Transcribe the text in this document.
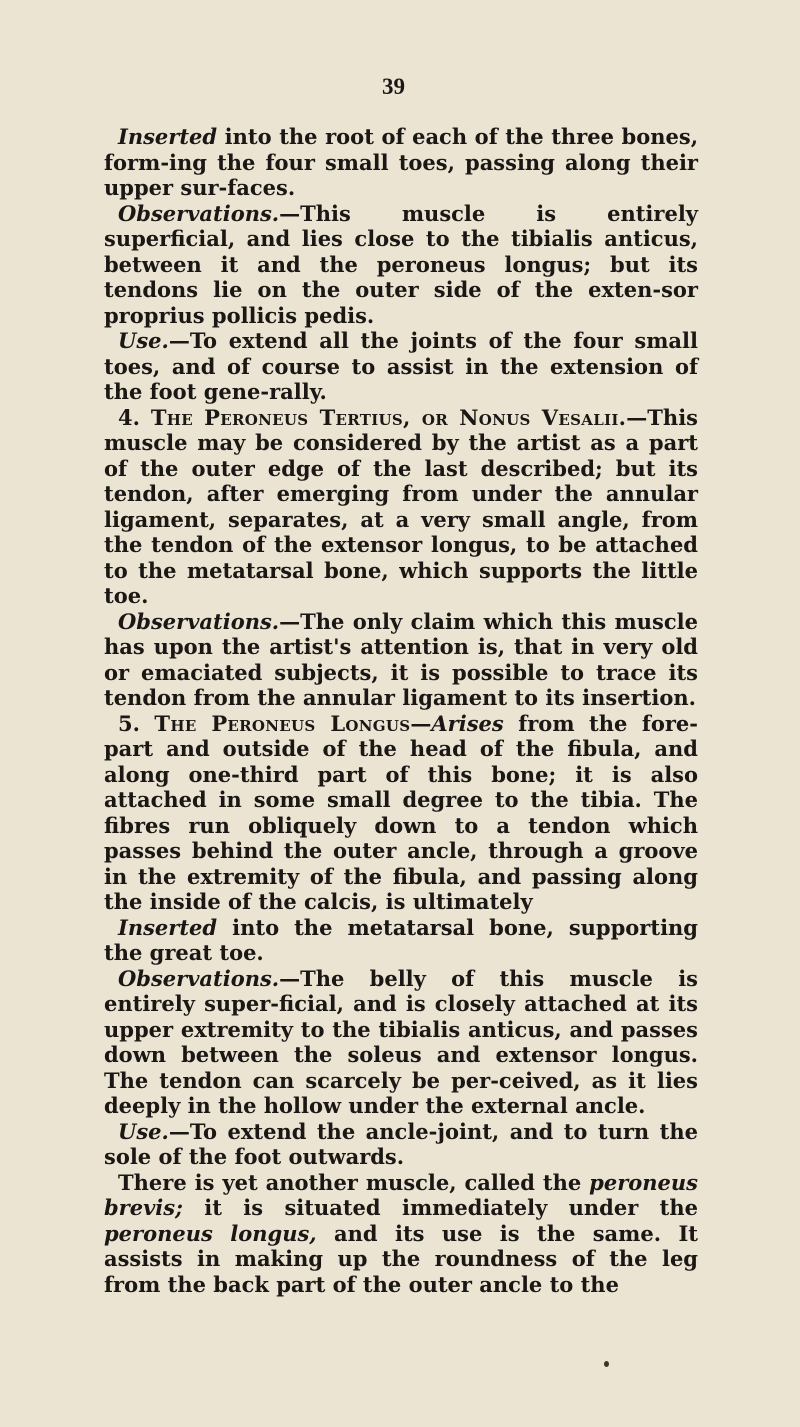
39

Inserted into the root of each of the three bones, form-ing the four small toes, passing along their upper sur-faces.

Observations.—This muscle is entirely superficial, and lies close to the tibialis anticus, between it and the peroneus longus; but its tendons lie on the outer side of the exten-sor proprius pollicis pedis.

Use.—To extend all the joints of the four small toes, and of course to assist in the extension of the foot gene-rally.

4. The Peroneus Tertius, or Nonus Vesalii.—This muscle may be considered by the artist as a part of the outer edge of the last described; but its tendon, after emerging from under the annular ligament, separates, at a very small angle, from the tendon of the extensor longus, to be attached to the metatarsal bone, which supports the little toe.

Observations.—The only claim which this muscle has upon the artist's attention is, that in very old or emaciated subjects, it is possible to trace its tendon from the annular ligament to its insertion.

5. The Peroneus Longus—Arises from the fore-part and outside of the head of the fibula, and along one-third part of this bone; it is also attached in some small degree to the tibia. The fibres run obliquely down to a tendon which passes behind the outer ancle, through a groove in the extremity of the fibula, and passing along the inside of the calcis, is ultimately

Inserted into the metatarsal bone, supporting the great toe.

Observations.—The belly of this muscle is entirely super-ficial, and is closely attached at its upper extremity to the tibialis anticus, and passes down between the soleus and extensor longus. The tendon can scarcely be per-ceived, as it lies deeply in the hollow under the external ancle.

Use.—To extend the ancle-joint, and to turn the sole of the foot outwards.

There is yet another muscle, called the peroneus brevis; it is situated immediately under the peroneus longus, and its use is the same. It assists in making up the roundness of the leg from the back part of the outer ancle to the
